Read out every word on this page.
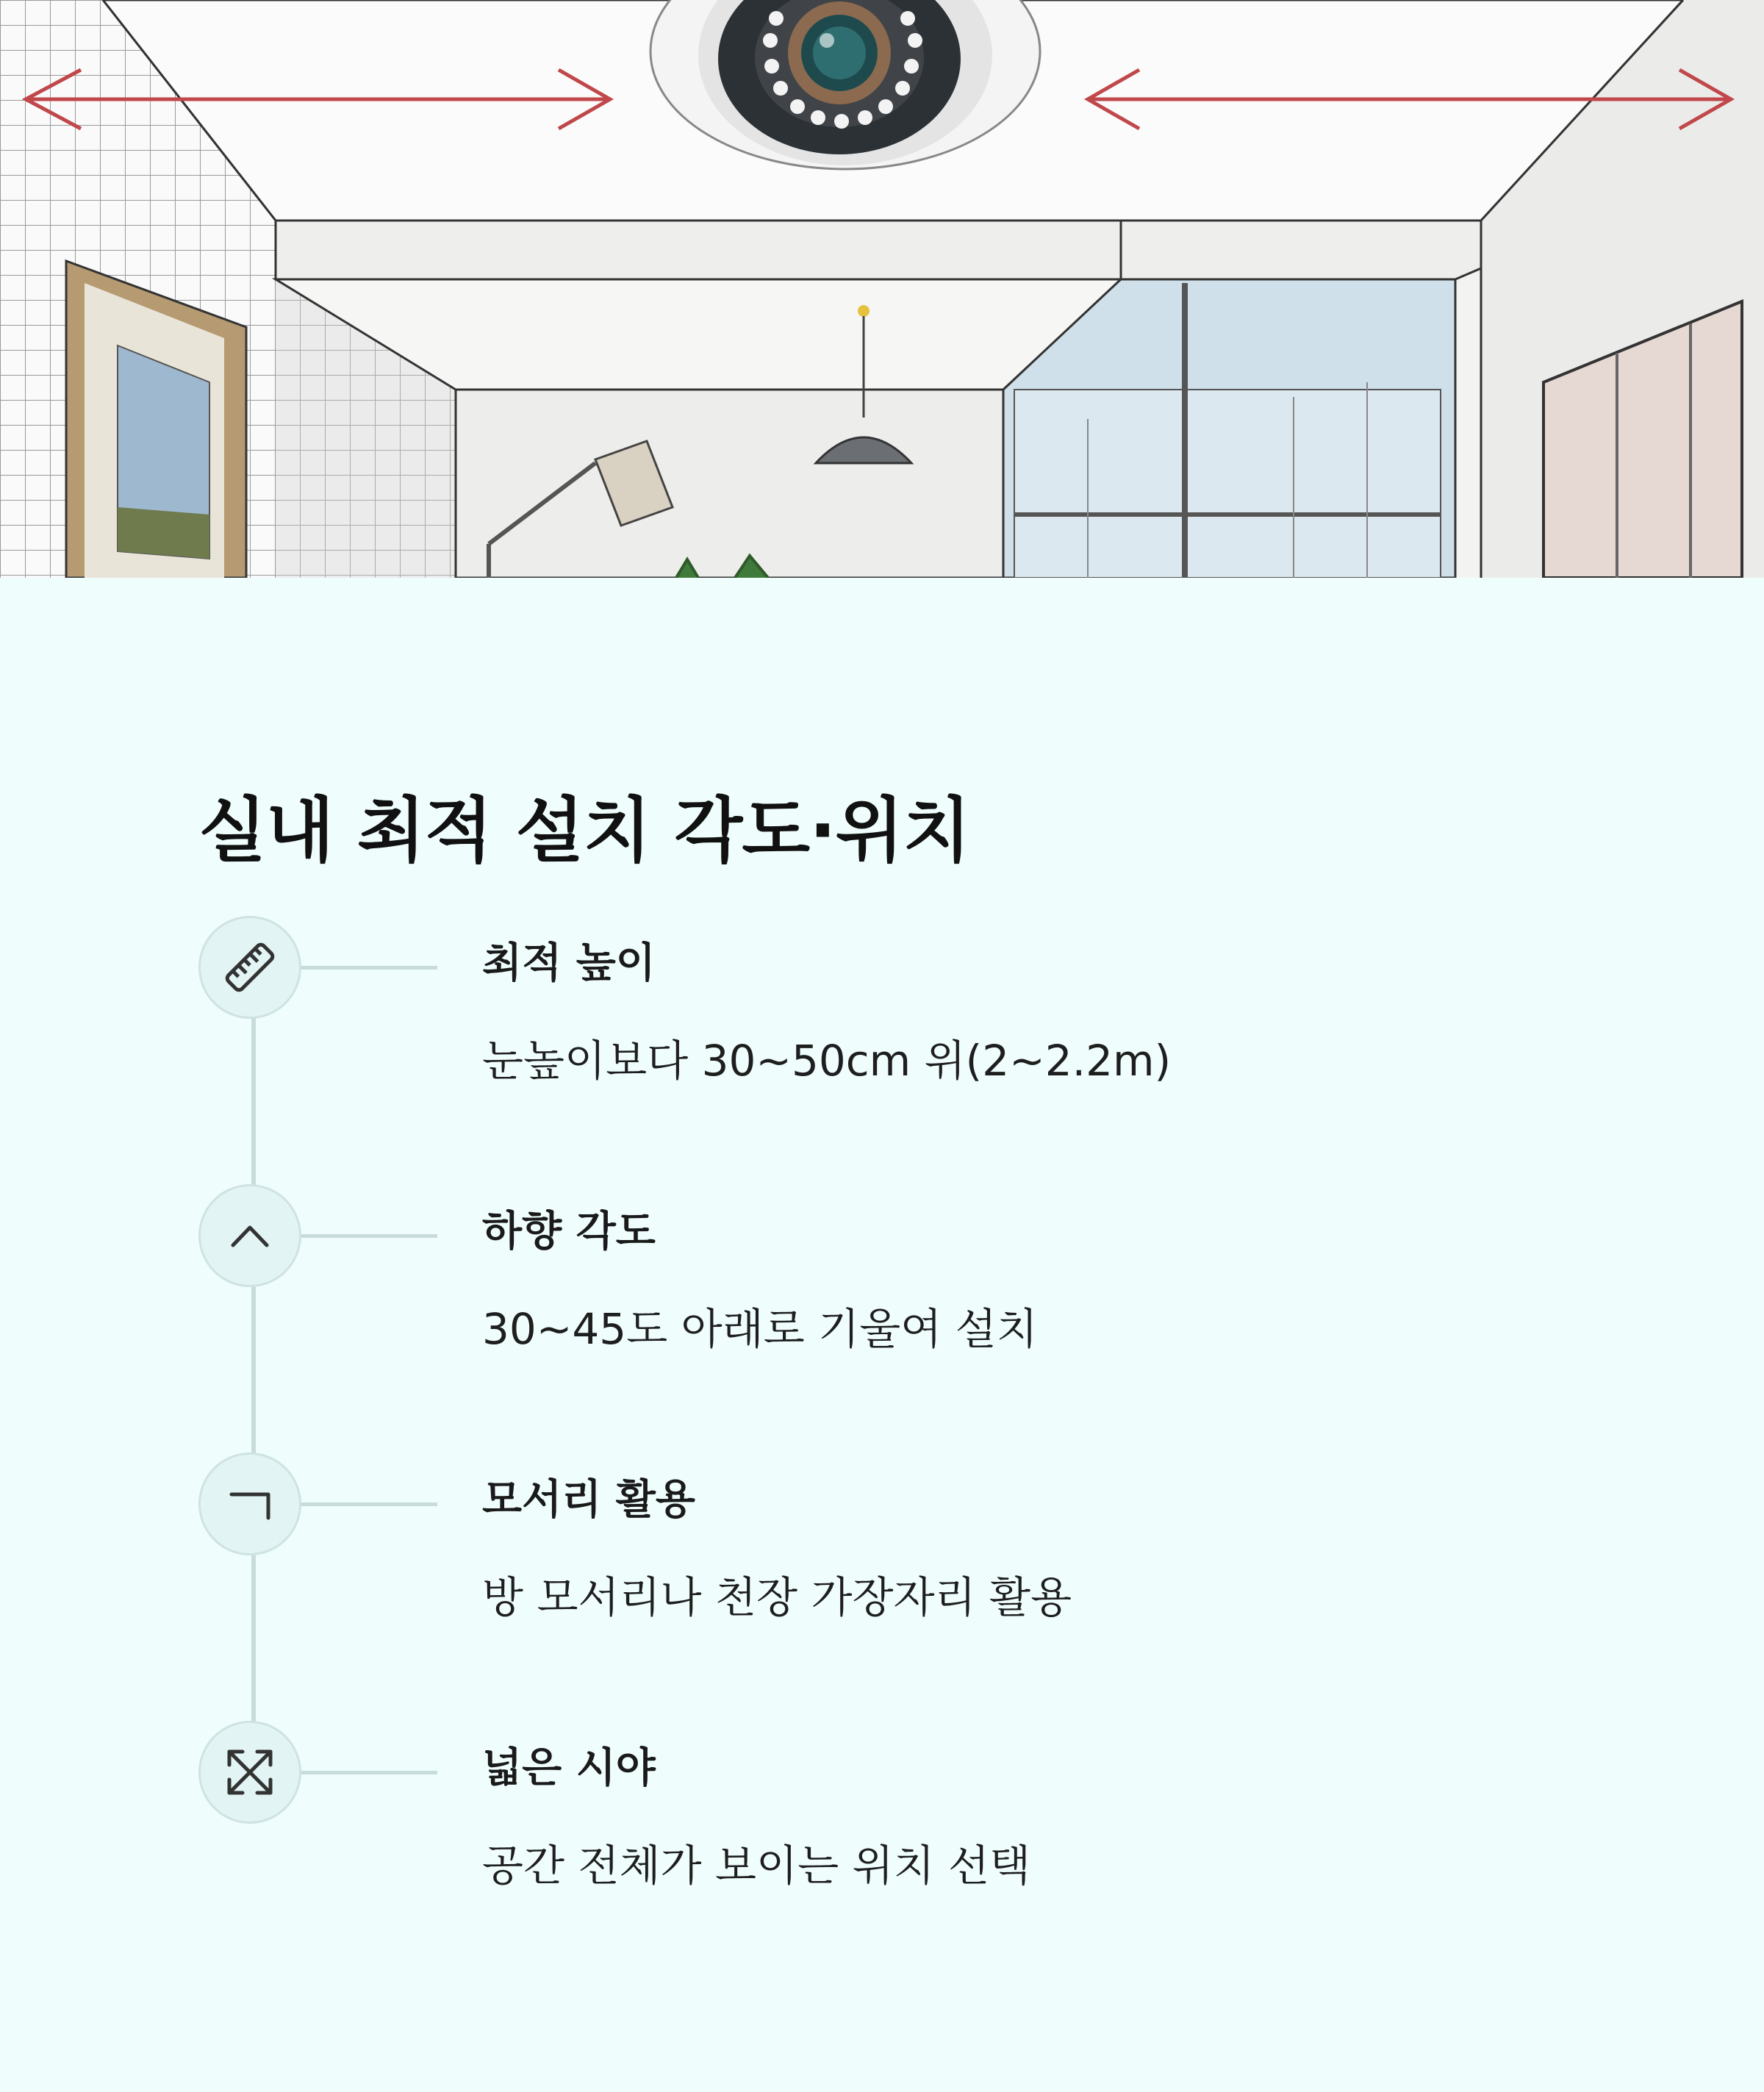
실내 최적 설치 각도·위치
최적 높이

눈높이보다 30~50cm 위(2~2.2m)

하향 각도

30~45도 아래로 기울여 설치

모서리 활용

방 모서리나 천장 가장자리 활용

넓은 시야

공간 전체가 보이는 위치 선택
